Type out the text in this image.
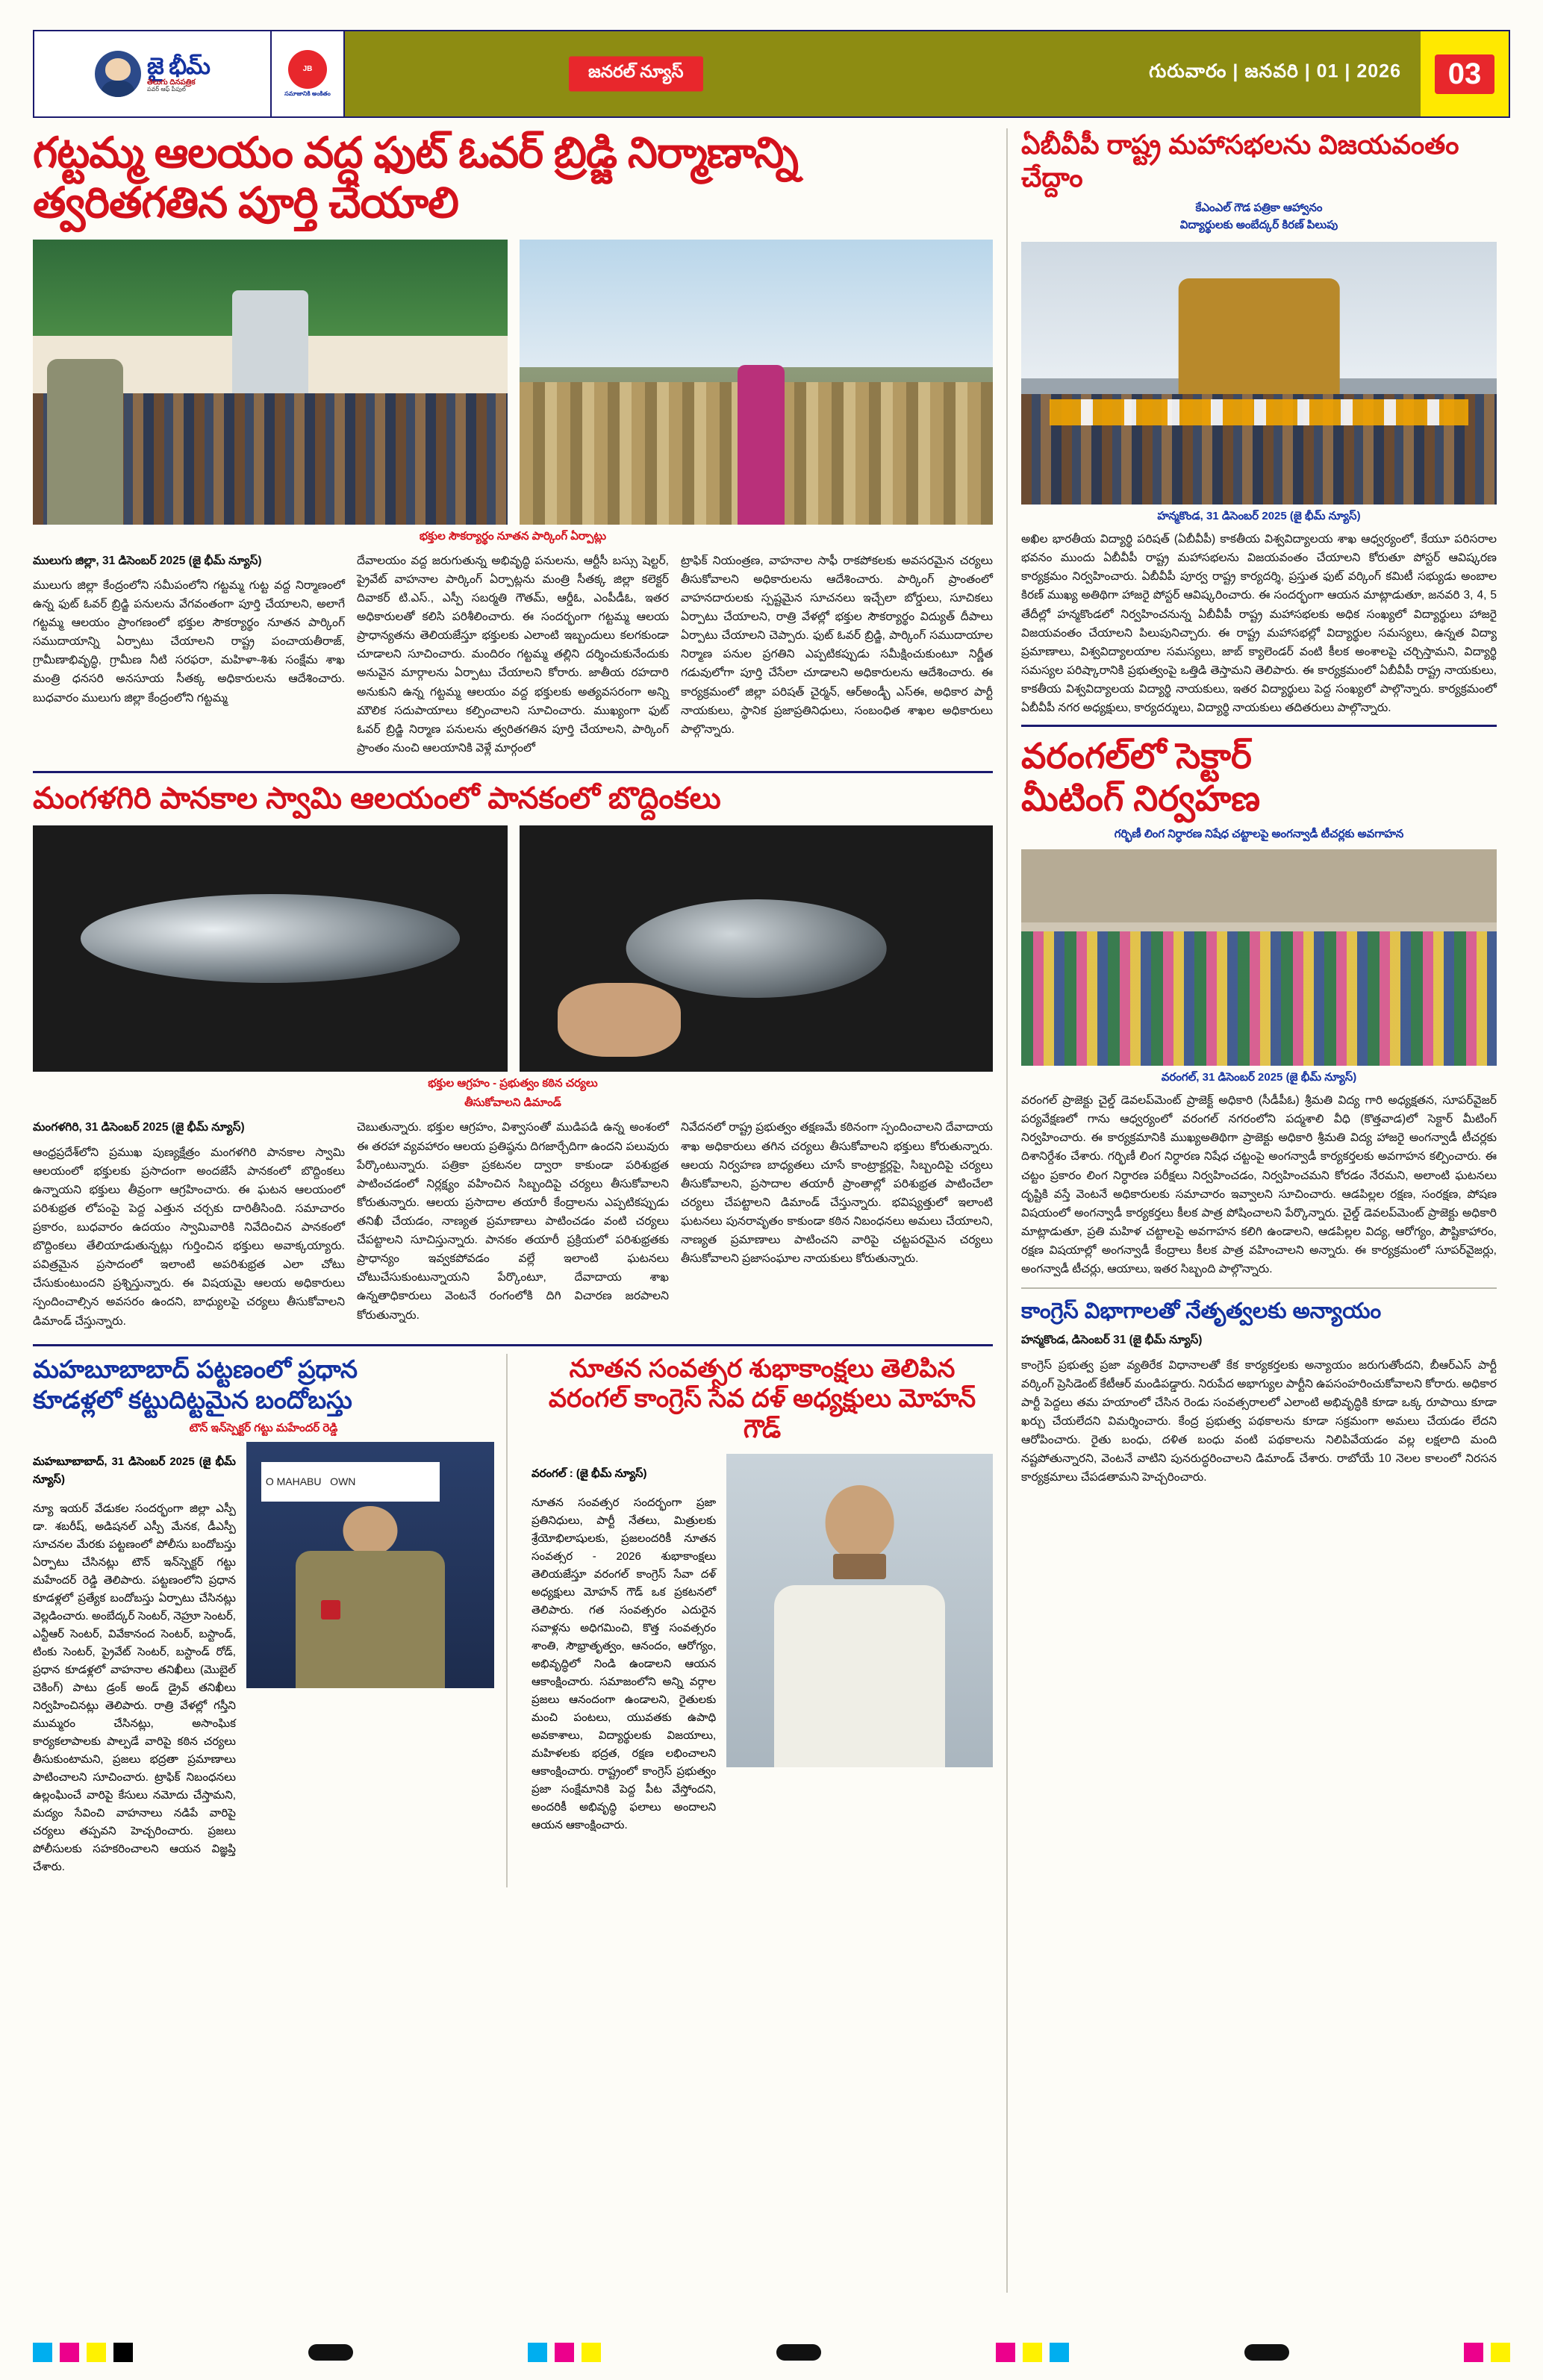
జై భీమ్
తెలుగు దినపత్రిక
పవర్ ఆఫ్ పీపుల్
JB
సమాజానికి అంకితం
జనరల్ న్యూస్	గురువారం | జనవరి | 01 | 2026	03
గట్టమ్మ ఆలయం వద్ద ఫుట్ ఓవర్ బ్రిడ్జి నిర్మాణాన్ని త్వరితగతిన పూర్తి చేయాలి
భక్తుల సౌకర్యార్థం నూతన పార్కింగ్ ఏర్పాట్లు

ములుగు జిల్లా, 31 డిసెంబర్ 2025 (జై భీమ్ న్యూస్)

ములుగు జిల్లా కేంద్రంలోని సమీపంలోని గట్టమ్మ గుట్ట వద్ద నిర్మాణంలో ఉన్న ఫుట్ ఓవర్ బ్రిడ్జి పనులను వేగవంతంగా పూర్తి చేయాలని, అలాగే గట్టమ్మ ఆలయం ప్రాంగణంలో భక్తుల సౌకర్యార్థం నూతన పార్కింగ్ సముదాయాన్ని ఏర్పాటు చేయాలని రాష్ట్ర పంచాయతీరాజ్, గ్రామీణాభివృద్ధి, గ్రామీణ నీటి సరఫరా, మహిళా-శిశు సంక్షేమ శాఖ మంత్రి ధనసరి అనసూయ సీతక్క అధికారులను ఆదేశించారు. బుధవారం ములుగు జిల్లా కేంద్రంలోని గట్టమ్మ

దేవాలయం వద్ద జరుగుతున్న అభివృద్ధి పనులను, ఆర్టీసీ బస్సు షెల్టర్, ప్రైవేట్ వాహనాల పార్కింగ్ ఏర్పాట్లను మంత్రి సీతక్క జిల్లా కలెక్టర్ దివాకర్ టి.ఎస్., ఎస్పీ సబర్మతి గౌతమ్, ఆర్డీఓ, ఎంపీడీఓ, ఇతర అధికారులతో కలిసి పరిశీలించారు. ఈ సందర్భంగా గట్టమ్మ ఆలయ ప్రాధాన్యతను తెలియజేస్తూ భక్తులకు ఎలాంటి ఇబ్బందులు కలగకుండా చూడాలని సూచించారు. మందిరం గట్టమ్మ తల్లిని దర్శించుకునేందుకు అనువైన మార్గాలను ఏర్పాటు చేయాలని కోరారు. జాతీయ రహదారి అనుకుని ఉన్న గట్టమ్మ ఆలయం వద్ద భక్తులకు అత్యవసరంగా అన్ని మౌలిక సదుపాయాలు కల్పించాలని సూచించారు. ముఖ్యంగా ఫుట్ ఓవర్ బ్రిడ్జి నిర్మాణ పనులను త్వరితగతిన పూర్తి చేయాలని, పార్కింగ్ ప్రాంతం నుంచి ఆలయానికి వెళ్లే మార్గంలో

ట్రాఫిక్ నియంత్రణ, వాహనాల సాఫీ రాకపోకలకు అవసరమైన చర్యలు తీసుకోవాలని అధికారులను ఆదేశించారు. పార్కింగ్ ప్రాంతంలో వాహనదారులకు స్పష్టమైన సూచనలు ఇచ్చేలా బోర్డులు, సూచికలు ఏర్పాటు చేయాలని, రాత్రి వేళల్లో భక్తుల సౌకర్యార్థం విద్యుత్ దీపాలు ఏర్పాటు చేయాలని చెప్పారు. ఫుట్ ఓవర్ బ్రిడ్జి, పార్కింగ్ సముదాయాల నిర్మాణ పనుల ప్రగతిని ఎప్పటికప్పుడు సమీక్షించుకుంటూ నిర్ణీత గడువులోగా పూర్తి చేసేలా చూడాలని అధికారులను ఆదేశించారు. ఈ కార్యక్రమంలో జిల్లా పరిషత్ చైర్మన్, ఆర్అండ్బీ ఎస్ఈ, అధికార పార్టీ నాయకులు, స్థానిక ప్రజాప్రతినిధులు, సంబంధిత శాఖల అధికారులు పాల్గొన్నారు.

మంగళగిరి పానకాల స్వామి ఆలయంలో పానకంలో బొద్దింకలు
భక్తుల ఆగ్రహం - ప్రభుత్వం కఠిన చర్యలు
తీసుకోవాలని డిమాండ్

మంగళగిరి, 31 డిసెంబర్ 2025 (జై భీమ్ న్యూస్)

ఆంధ్రప్రదేశ్‌లోని ప్రముఖ పుణ్యక్షేత్రం మంగళగిరి పానకాల స్వామి ఆలయంలో భక్తులకు ప్రసాదంగా అందజేసే పానకంలో బొద్దింకలు ఉన్నాయని భక్తులు తీవ్రంగా ఆగ్రహించారు. ఈ ఘటన ఆలయంలో పరిశుభ్రత లోపంపై పెద్ద ఎత్తున చర్చకు దారితీసింది. సమాచారం ప్రకారం, బుధవారం ఉదయం స్వామివారికి నివేదించిన పానకంలో బొద్దింకలు తేలియాడుతున్నట్లు గుర్తించిన భక్తులు అవాక్కయ్యారు. పవిత్రమైన ప్రసాదంలో ఇలాంటి అపరిశుభ్రత ఎలా చోటు చేసుకుంటుందని ప్రశ్నిస్తున్నారు. ఈ విషయమై ఆలయ అధికారులు స్పందించాల్సిన అవసరం ఉందని, బాధ్యులపై చర్యలు తీసుకోవాలని డిమాండ్ చేస్తున్నారు.

చెబుతున్నారు. భక్తుల ఆగ్రహం, విశ్వాసంతో ముడిపడి ఉన్న అంశంలో ఈ తరహా వ్యవహారం ఆలయ ప్రతిష్ఠను దిగజార్చేదిగా ఉందని పలువురు పేర్కొంటున్నారు. పత్రికా ప్రకటనల ద్వారా కాకుండా పరిశుభ్రత పాటించడంలో నిర్లక్ష్యం వహించిన సిబ్బందిపై చర్యలు తీసుకోవాలని కోరుతున్నారు. ఆలయ ప్రసాదాల తయారీ కేంద్రాలను ఎప్పటికప్పుడు తనిఖీ చేయడం, నాణ్యత ప్రమాణాలు పాటించడం వంటి చర్యలు చేపట్టాలని సూచిస్తున్నారు. పానకం తయారీ ప్రక్రియలో పరిశుభ్రతకు ప్రాధాన్యం ఇవ్వకపోవడం వల్లే ఇలాంటి ఘటనలు చోటుచేసుకుంటున్నాయని పేర్కొంటూ, దేవాదాయ శాఖ ఉన్నతాధికారులు వెంటనే రంగంలోకి దిగి విచారణ జరపాలని కోరుతున్నారు.

నివేదనలో రాష్ట్ర ప్రభుత్వం తక్షణమే కఠినంగా స్పందించాలని దేవాదాయ శాఖ అధికారులు తగిన చర్యలు తీసుకోవాలని భక్తులు కోరుతున్నారు. ఆలయ నిర్వహణ బాధ్యతలు చూసే కాంట్రాక్టర్లపై, సిబ్బందిపై చర్యలు తీసుకోవాలని, ప్రసాదాల తయారీ ప్రాంతాల్లో పరిశుభ్రత పాటించేలా చర్యలు చేపట్టాలని డిమాండ్ చేస్తున్నారు. భవిష్యత్తులో ఇలాంటి ఘటనలు పునరావృతం కాకుండా కఠిన నిబంధనలు అమలు చేయాలని, నాణ్యత ప్రమాణాలు పాటించని వారిపై చట్టపరమైన చర్యలు తీసుకోవాలని ప్రజాసంఘాల నాయకులు కోరుతున్నారు.

మహబూబాబాద్ పట్టణంలో ప్రధాన
కూడళ్లలో కట్టుదిట్టమైన బందోబస్తు
టౌన్ ఇన్‌స్పెక్టర్ గట్టు మహేందర్ రెడ్డి

మహబూబాబాద్, 31 డిసెంబర్ 2025 (జై భీమ్ న్యూస్)

న్యూ ఇయర్ వేడుకల సందర్భంగా జిల్లా ఎస్పీ డా. శబరీష్, అడిషనల్ ఎస్పీ మేనక, డీఎస్పీ సూచనల మేరకు పట్టణంలో పోలీసు బందోబస్తు ఏర్పాటు చేసినట్లు టౌన్ ఇన్‌స్పెక్టర్ గట్టు మహేందర్ రెడ్డి తెలిపారు. పట్టణంలోని ప్రధాన కూడళ్లలో ప్రత్యేక బందోబస్తు ఏర్పాటు చేసినట్లు వెల్లడించారు. అంబేద్కర్ సెంటర్, నెహ్రూ సెంటర్, ఎన్టీఆర్ సెంటర్, వివేకానంద సెంటర్, బస్టాండ్, టింకు సెంటర్, ప్రైవేట్ సెంటర్, బస్టాండ్ రోడ్, ప్రధాన కూడళ్లలో వాహనాల తనిఖీలు (మొబైల్ చెకింగ్) పాటు డ్రంక్ అండ్ డ్రైవ్ తనిఖీలు నిర్వహించినట్లు తెలిపారు. రాత్రి వేళల్లో గస్తీని ముమ్మరం చేసినట్లు, అసాంఘిక కార్యకలాపాలకు పాల్పడే వారిపై కఠిన చర్యలు తీసుకుంటామని, ప్రజలు భద్రతా ప్రమాణాలు పాటించాలని సూచించారు. ట్రాఫిక్ నిబంధనలు ఉల్లంఘించే వారిపై కేసులు నమోదు చేస్తామని, మద్యం సేవించి వాహనాలు నడిపే వారిపై చర్యలు తప్పవని హెచ్చరించారు. ప్రజలు పోలీసులకు సహకరించాలని ఆయన విజ్ఞప్తి చేశారు.

O MAHABU   OWN
నూతన సంవత్సర శుభాకాంక్షలు తెలిపిన వరంగల్ కాంగ్రెస్ సేవ దళ్ అధ్యక్షులు మోహన్ గౌడ్

వరంగల్ : (జై భీమ్ న్యూస్)

నూతన సంవత్సర సందర్భంగా ప్రజా ప్రతినిధులు, పార్టీ నేతలు, మిత్రులకు శ్రేయోభిలాషులకు, ప్రజలందరికీ నూతన సంవత్సర - 2026 శుభాకాంక్షలు తెలియజేస్తూ వరంగల్ కాంగ్రెస్ సేవా దళ్ అధ్యక్షులు మోహన్ గౌడ్ ఒక ప్రకటనలో తెలిపారు. గత సంవత్సరం ఎదురైన సవాళ్లను అధిగమించి, కొత్త సంవత్సరం శాంతి, సౌభ్రాతృత్వం, ఆనందం, ఆరోగ్యం, అభివృద్ధిలో నిండి ఉండాలని ఆయన ఆకాంక్షించారు. సమాజంలోని అన్ని వర్గాల ప్రజలు ఆనందంగా ఉండాలని, రైతులకు మంచి పంటలు, యువతకు ఉపాధి అవకాశాలు, విద్యార్థులకు విజయాలు, మహిళలకు భద్రత, రక్షణ లభించాలని ఆకాంక్షించారు. రాష్ట్రంలో కాంగ్రెస్ ప్రభుత్వం ప్రజా సంక్షేమానికి పెద్ద పీట వేస్తోందని, అందరికీ అభివృద్ధి ఫలాలు అందాలని ఆయన ఆకాంక్షించారు.

ఏబీవీపీ రాష్ట్ర మహాసభలను విజయవంతం చేద్దాం
కేఎంఎల్ గౌడ పత్రికా ఆహ్వానం
విద్యార్థులకు అంబేద్కర్ కిరణ్ పిలుపు
హన్మకొండ, 31 డిసెంబర్ 2025 (జై భీమ్ న్యూస్)

అఖిల భారతీయ విద్యార్థి పరిషత్ (ఏబీవీపీ) కాకతీయ విశ్వవిద్యాలయ శాఖ ఆధ్వర్యంలో, కేయూ పరిసరాల భవనం ముందు ఏబీవీపీ రాష్ట్ర మహాసభలను విజయవంతం చేయాలని కోరుతూ పోస్టర్ ఆవిష్కరణ కార్యక్రమం నిర్వహించారు. ఏబీవీపీ పూర్వ రాష్ట్ర కార్యదర్శి, ప్రస్తుత ఫుట్ వర్కింగ్ కమిటీ సభ్యుడు అంబాల కిరణ్ ముఖ్య అతిథిగా హాజరై పోస్టర్ ఆవిష్కరించారు. ఈ సందర్భంగా ఆయన మాట్లాడుతూ, జనవరి 3, 4, 5 తేదీల్లో హన్మకొండలో నిర్వహించనున్న ఏబీవీపీ రాష్ట్ర మహాసభలకు అధిక సంఖ్యలో విద్యార్థులు హాజరై విజయవంతం చేయాలని పిలుపునిచ్చారు. ఈ రాష్ట్ర మహాసభల్లో విద్యార్థుల సమస్యలు, ఉన్నత విద్యా ప్రమాణాలు, విశ్వవిద్యాలయాల సమస్యలు, జాబ్ క్యాలెండర్ వంటి కీలక అంశాలపై చర్చిస్తామని, విద్యార్థి సమస్యల పరిష్కారానికి ప్రభుత్వంపై ఒత్తిడి తెస్తామని తెలిపారు. ఈ కార్యక్రమంలో ఏబీవీపీ రాష్ట్ర నాయకులు, కాకతీయ విశ్వవిద్యాలయ విద్యార్థి నాయకులు, ఇతర విద్యార్థులు పెద్ద సంఖ్యలో పాల్గొన్నారు. కార్యక్రమంలో ఏబీవీపీ నగర అధ్యక్షులు, కార్యదర్శులు, విద్యార్థి నాయకులు తదితరులు పాల్గొన్నారు.

వరంగల్‌లో సెక్టార్
మీటింగ్ నిర్వహణ
గర్భిణీ లింగ నిర్ధారణ నిషేధ చట్టాలపై అంగన్వాడీ టీచర్లకు అవగాహన
వరంగల్, 31 డిసెంబర్ 2025 (జై భీమ్ న్యూస్)

వరంగల్ ప్రాజెక్టు చైల్డ్ డెవలప్‌మెంట్ ప్రాజెక్ట్ అధికారి (సీడీపీఓ) శ్రీమతి విద్య గారి అధ్యక్షతన, సూపర్‌వైజర్ పర్యవేక్షణలో గాను ఆధ్వర్యంలో వరంగల్ నగరంలోని పద్మశాలి వీధి (కొత్తవాడ)లో సెక్టార్ మీటింగ్ నిర్వహించారు. ఈ కార్యక్రమానికి ముఖ్యఅతిథిగా ప్రాజెక్టు అధికారి శ్రీమతి విద్య హాజరై అంగన్వాడీ టీచర్లకు దిశానిర్దేశం చేశారు. గర్భిణీ లింగ నిర్ధారణ నిషేధ చట్టంపై అంగన్వాడీ కార్యకర్తలకు అవగాహన కల్పించారు. ఈ చట్టం ప్రకారం లింగ నిర్ధారణ పరీక్షలు నిర్వహించడం, నిర్వహించమని కోరడం నేరమని, అలాంటి ఘటనలు దృష్టికి వస్తే వెంటనే అధికారులకు సమాచారం ఇవ్వాలని సూచించారు. ఆడపిల్లల రక్షణ, సంరక్షణ, పోషణ విషయంలో అంగన్వాడీ కార్యకర్తలు కీలక పాత్ర పోషించాలని పేర్కొన్నారు. చైల్డ్ డెవలప్‌మెంట్ ప్రాజెక్టు అధికారి మాట్లాడుతూ, ప్రతి మహిళ చట్టాలపై అవగాహన కలిగి ఉండాలని, ఆడపిల్లల విద్య, ఆరోగ్యం, పౌష్టికాహారం, రక్షణ విషయాల్లో అంగన్వాడీ కేంద్రాలు కీలక పాత్ర వహించాలని అన్నారు. ఈ కార్యక్రమంలో సూపర్‌వైజర్లు, అంగన్వాడీ టీచర్లు, ఆయాలు, ఇతర సిబ్బంది పాల్గొన్నారు.

కాంగ్రెస్ విభాగాలతో నేతృత్వలకు అన్యాయం

హన్మకొండ, డిసెంబర్ 31 (జై భీమ్ న్యూస్)

కాంగ్రెస్ ప్రభుత్వ ప్రజా వ్యతిరేక విధానాలతో కేక కార్యకర్తలకు అన్యాయం జరుగుతోందని, బీఆర్ఎస్ పార్టీ వర్కింగ్ ప్రెసిడెంట్ కేటీఆర్ మండిపడ్డారు. నిరుపేద అభాగ్యుల పార్టీని ఉపసంహరించుకోవాలని కోరారు. అధికార పార్టీ పెద్దలు తమ హయాంలో చేసిన రెండు సంవత్సరాలలో ఎలాంటి అభివృద్ధికి కూడా ఒక్క రూపాయి కూడా ఖర్చు చేయలేదని విమర్శించారు. కేంద్ర ప్రభుత్వ పథకాలను కూడా సక్రమంగా అమలు చేయడం లేదని ఆరోపించారు. రైతు బంధు, దళిత బంధు వంటి పథకాలను నిలిపివేయడం వల్ల లక్షలాది మంది నష్టపోతున్నారని, వెంటనే వాటిని పునరుద్ధరించాలని డిమాండ్ చేశారు. రాబోయే 10 నెలల కాలంలో నిరసన కార్యక్రమాలు చేపడతామని హెచ్చరించారు.
